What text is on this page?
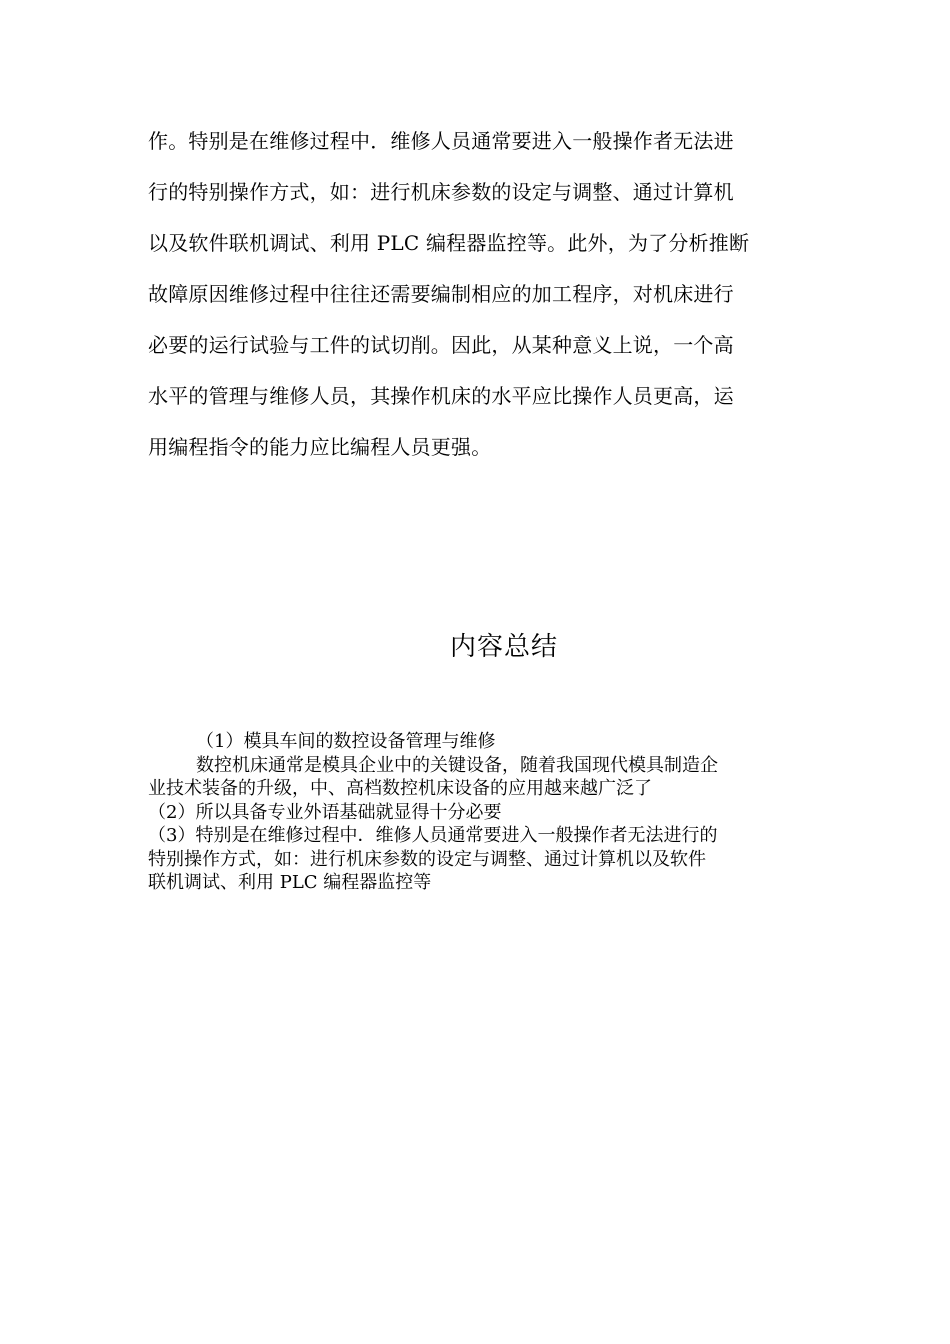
作。特别是在维修过程中．维修人员通常要进入一般操作者无法进
行的特别操作方式，如：进行机床参数的设定与调整、通过计算机
以及软件联机调试、利用 PLC 编程器监控等。此外，为了分析推断
故障原因维修过程中往往还需要编制相应的加工程序，对机床进行
必要的运行试验与工件的试切削。因此，从某种意义上说，一个高
水平的管理与维修人员，其操作机床的水平应比操作人员更高，运
用编程指令的能力应比编程人员更强。
内容总结
（1）模具车间的数控设备管理与维修
数控机床通常是模具企业中的关键设备，随着我国现代模具制造企
业技术装备的升级，中、高档数控机床设备的应用越来越广泛了
（2）所以具备专业外语基础就显得十分必要
（3）特别是在维修过程中．维修人员通常要进入一般操作者无法进行的
特别操作方式，如：进行机床参数的设定与调整、通过计算机以及软件
联机调试、利用 PLC 编程器监控等
